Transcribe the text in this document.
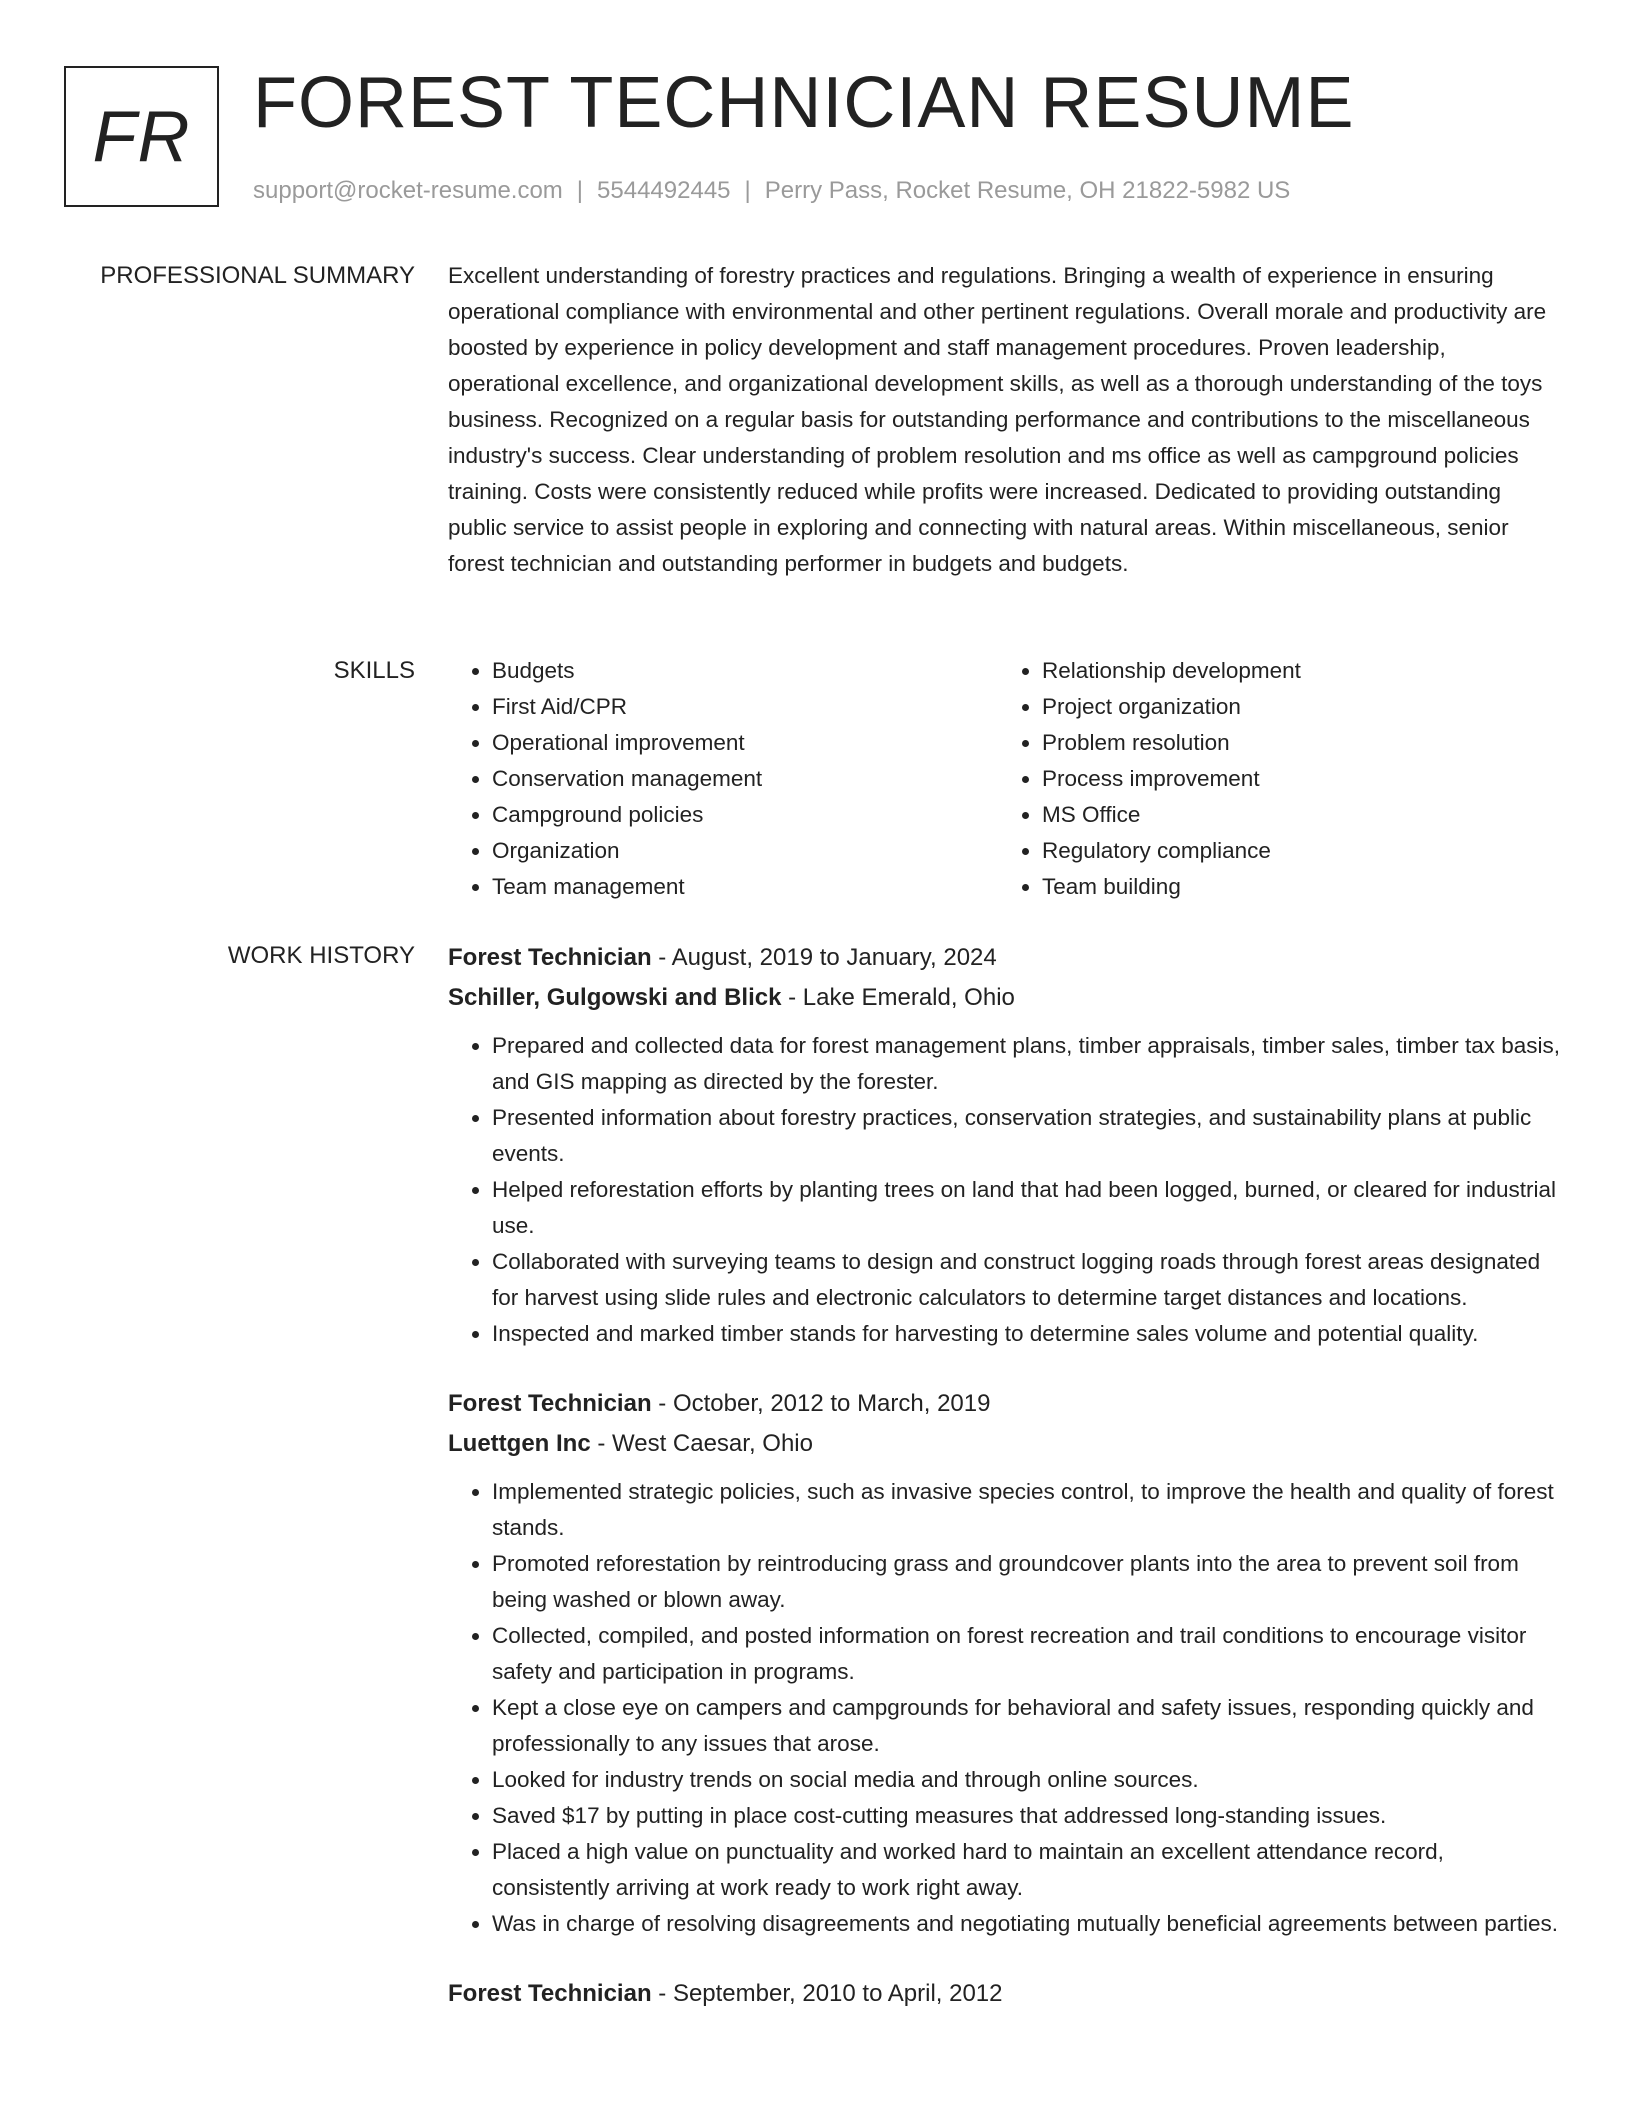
FR FOREST TECHNICIAN RESUME
support@rocket-resume.com | 5544492445 | Perry Pass, Rocket Resume, OH 21822-5982 US
PROFESSIONAL SUMMARY Excellent understanding of forestry practices and regulations. Bringing a wealth of experience in ensuring operational compliance with environmental and other pertinent regulations. Overall morale and productivity are boosted by experience in policy development and staff management procedures. Proven leadership, operational excellence, and organizational development skills, as well as a thorough understanding of the toys business. Recognized on a regular basis for outstanding performance and contributions to the miscellaneous industry's success. Clear understanding of problem resolution and ms office as well as campground policies training. Costs were consistently reduced while profits were increased. Dedicated to providing outstanding public service to assist people in exploring and connecting with natural areas. Within miscellaneous, senior forest technician and outstanding performer in budgets and budgets.

SKILLS
•	Budgets
• First Aid/CPR
• Operational improvement
• Conservation management
• Campground policies
• Organization
• Team management
• Relationship development
• Project organization
• Problem resolution
• Process improvement
• MS Office
• Regulatory compliance
• Team building
WORK HISTORY Forest Technician - August, 2019 to January, 2024
Schiller, Gulgowski and Blick - Lake Emerald, Ohio
• Prepared and collected data for forest management plans, timber appraisals, timber sales, timber tax basis, and GIS mapping as directed by the forester.
• Presented information about forestry practices, conservation strategies, and sustainability plans at public events.
• Helped reforestation efforts by planting trees on land that had been logged, burned, or cleared for industrial use.
• Collaborated with surveying teams to design and construct logging roads through forest areas designated for harvest using slide rules and electronic calculators to determine target distances and locations.
• Inspected and marked timber stands for harvesting to determine sales volume and potential quality.
Forest Technician - October, 2012 to March, 2019
Luettgen Inc - West Caesar, Ohio
• Implemented strategic policies, such as invasive species control, to improve the health and quality of forest stands.
• Promoted reforestation by reintroducing grass and groundcover plants into the area to prevent soil from being washed or blown away.
• Collected, compiled, and posted information on forest recreation and trail conditions to encourage visitor safety and participation in programs.
• Kept a close eye on campers and campgrounds for behavioral and safety issues, responding quickly and professionally to any issues that arose.
• Looked for industry trends on social media and through online sources.
• Saved $17 by putting in place cost-cutting measures that addressed long-standing issues.
• Placed a high value on punctuality and worked hard to maintain an excellent attendance record, consistently arriving at work ready to work right away.
• Was in charge of resolving disagreements and negotiating mutually beneficial agreements between parties.
Forest Technician - September, 2010 to April, 2012
